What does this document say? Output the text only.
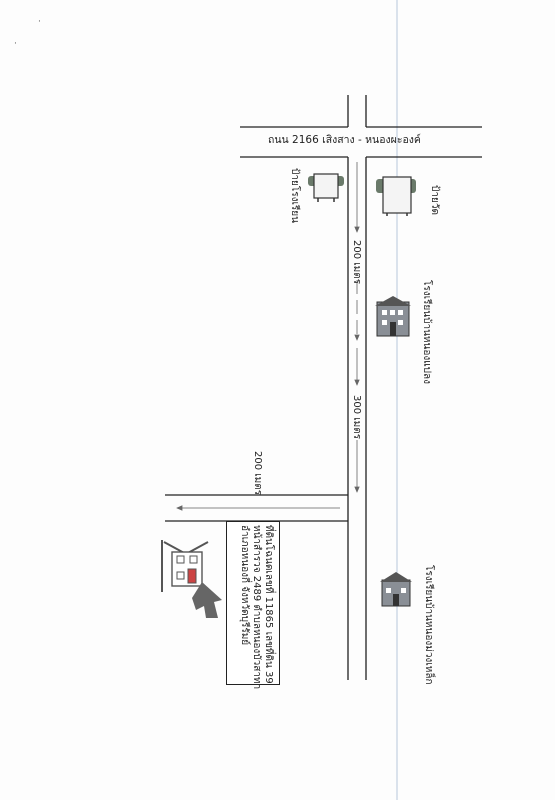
ถนน 2166 เสิงสาง - หนองผะองค์
ป้ายวัด
ป้ายโรงเรียน
โรงเรียนบ้านหนองแปลง
โรงเรียนบ้านหนองม่วงเหล็ก
200 เมตร
300 เมตร
200 เมตร
ที่ดินโฉนดเลขที่ 11865 เลขที่ดิน 39
หน้าสำรวจ 2489 ตำบลหนองบัวสาทา
อำเภอหนองกี่ จังหวัดบุรีรัมย์
·
·
